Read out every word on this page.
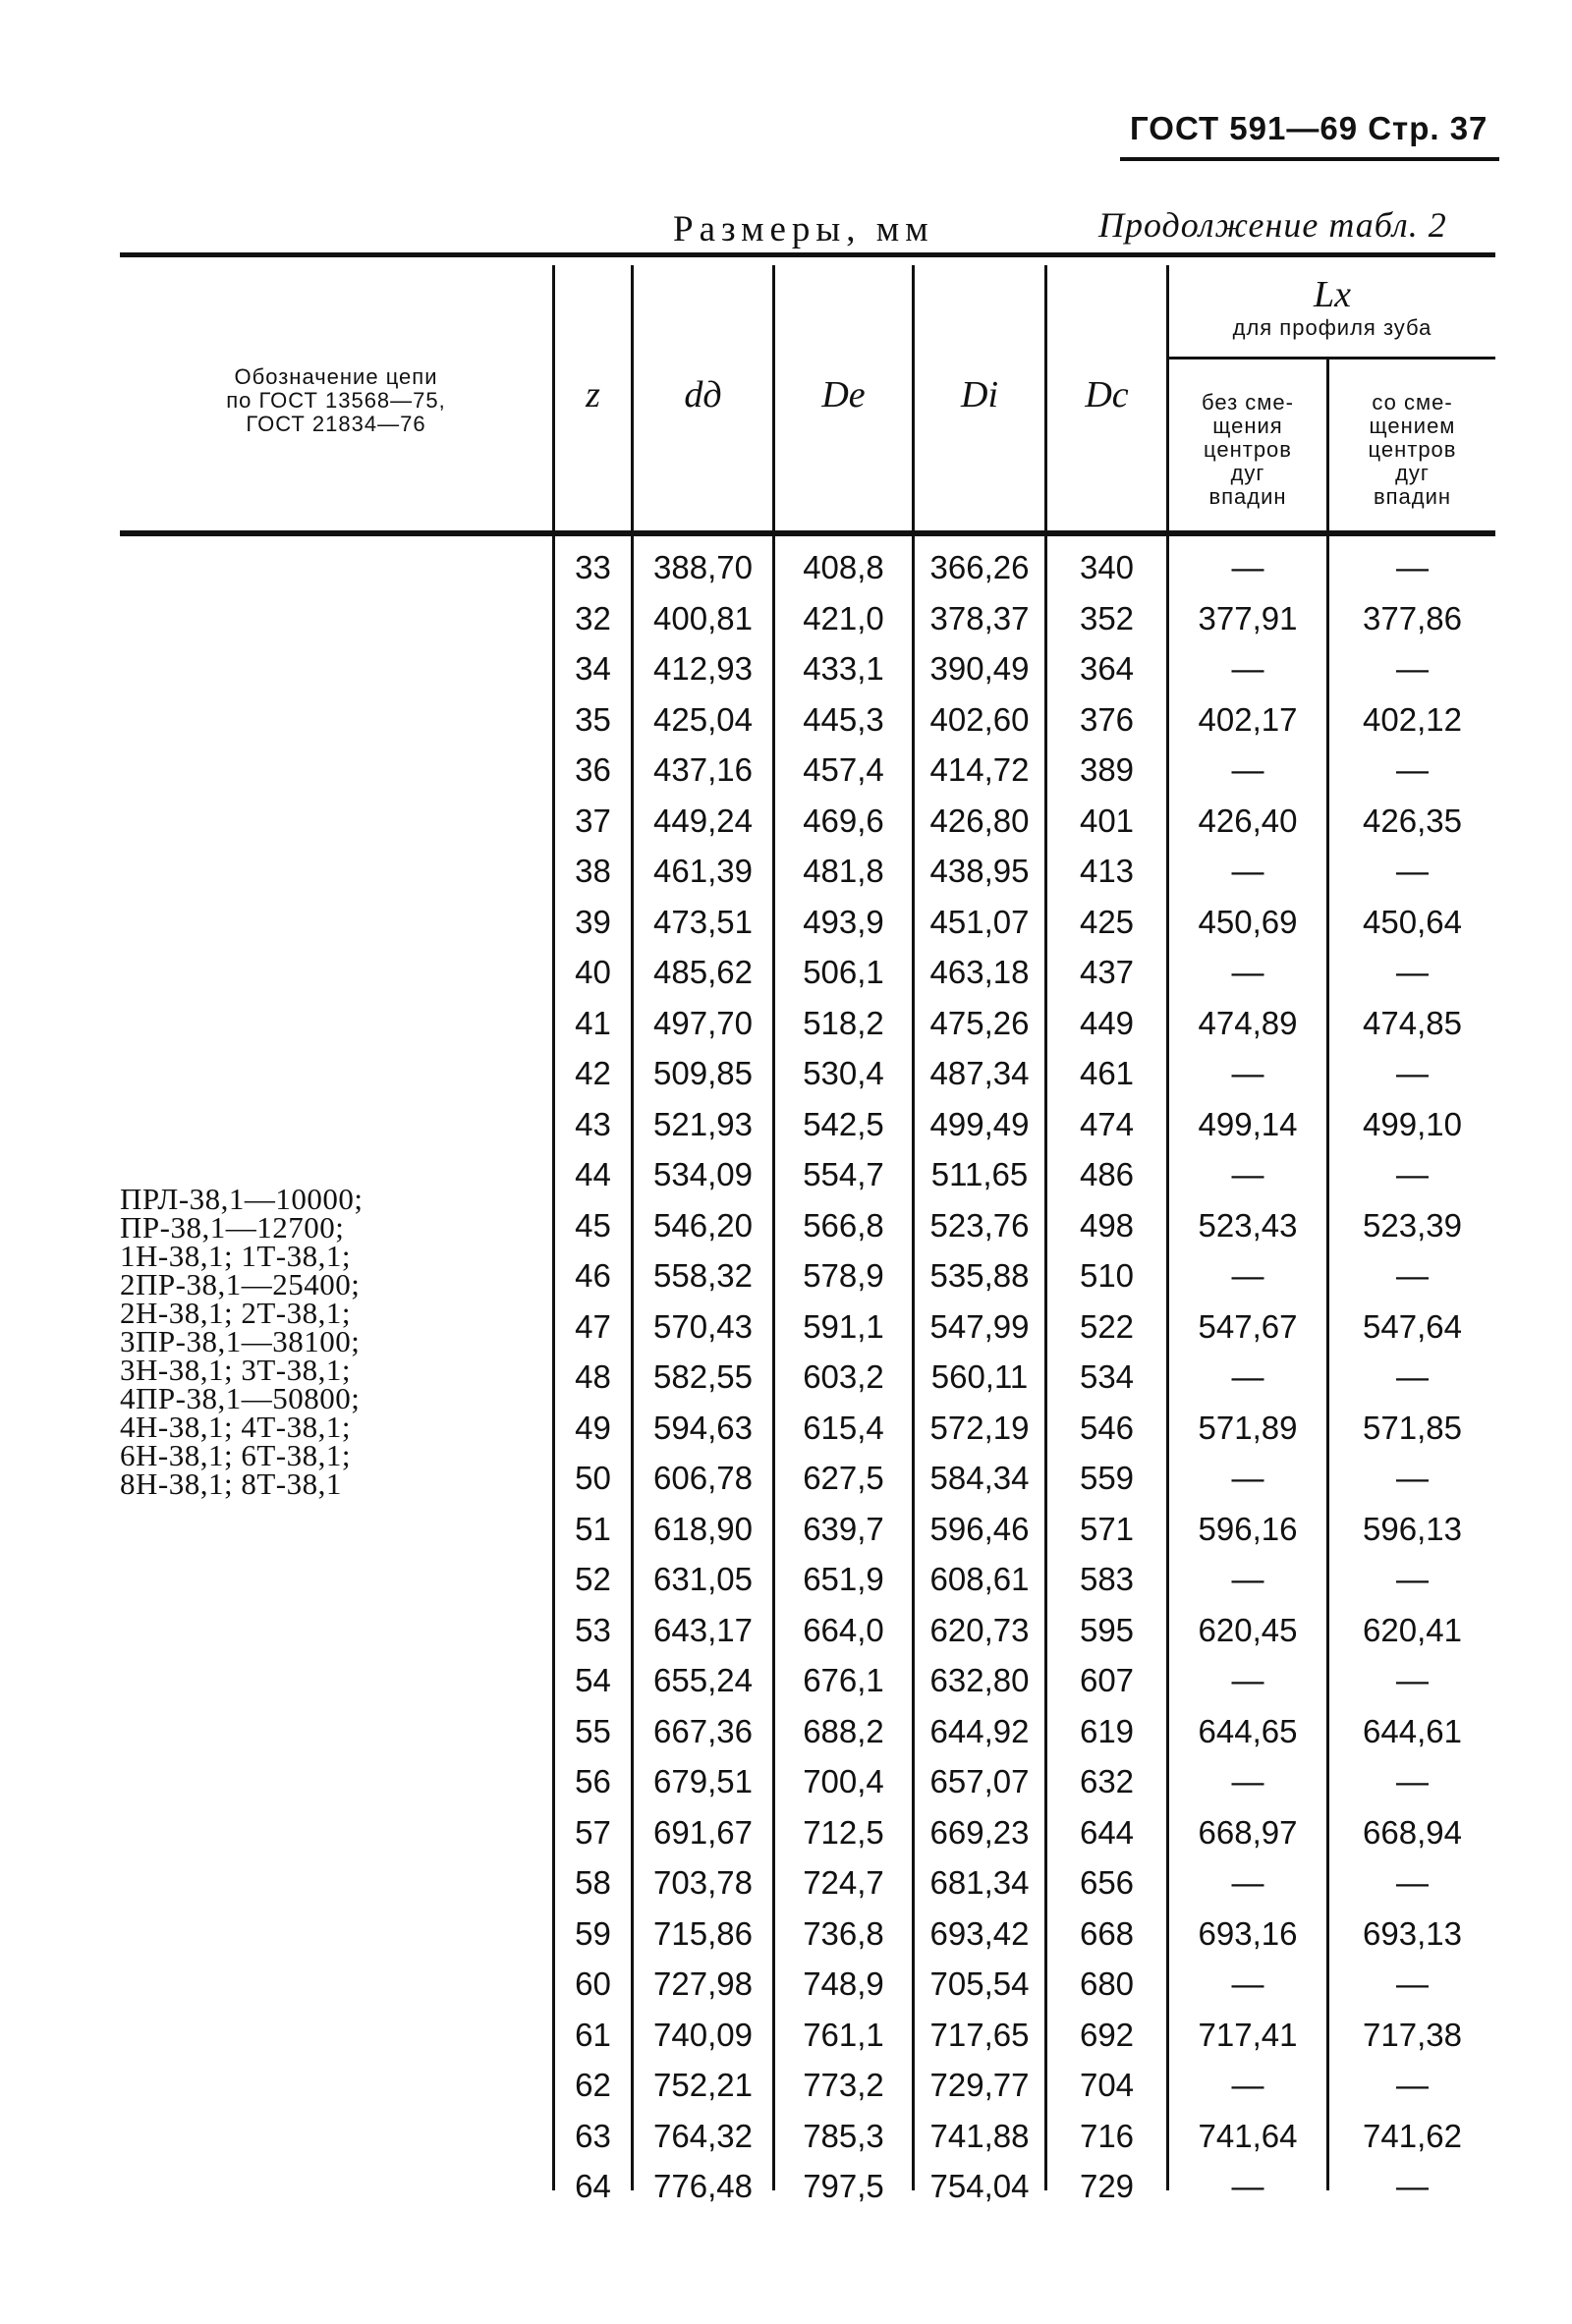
ГОСТ 591—69 Стр. 37
Размеры, мм	Продолжение табл. 2
Обозначение цепи
по ГОСТ 13568—75,
ГОСТ 21834—76
z	dд	De	Di	Dc
Lx
для профиля зуба
без сме-
щения
центров
дуг
впадин
со сме-
щением
центров
дуг
впадин
ПРЛ-38,1—10000;
ПР-38,1—12700;
1Н-38,1; 1Т-38,1;
2ПР-38,1—25400;
2Н-38,1; 2Т-38,1;
3ПР-38,1—38100;
3Н-38,1; 3Т-38,1;
4ПР-38,1—50800;
4Н-38,1; 4Т-38,1;
6Н-38,1; 6Т-38,1;
8Н-38,1; 8Т-38,1
33	388,70	408,8	366,26	340	—	—
32	400,81	421,0	378,37	352	377,91	377,86
34	412,93	433,1	390,49	364	—	—
35	425,04	445,3	402,60	376	402,17	402,12
36	437,16	457,4	414,72	389	—	—
37	449,24	469,6	426,80	401	426,40	426,35
38	461,39	481,8	438,95	413	—	—
39	473,51	493,9	451,07	425	450,69	450,64
40	485,62	506,1	463,18	437	—	—
41	497,70	518,2	475,26	449	474,89	474,85
42	509,85	530,4	487,34	461	—	—
43	521,93	542,5	499,49	474	499,14	499,10
44	534,09	554,7	511,65	486	—	—
45	546,20	566,8	523,76	498	523,43	523,39
46	558,32	578,9	535,88	510	—	—
47	570,43	591,1	547,99	522	547,67	547,64
48	582,55	603,2	560,11	534	—	—
49	594,63	615,4	572,19	546	571,89	571,85
50	606,78	627,5	584,34	559	—	—
51	618,90	639,7	596,46	571	596,16	596,13
52	631,05	651,9	608,61	583	—	—
53	643,17	664,0	620,73	595	620,45	620,41
54	655,24	676,1	632,80	607	—	—
55	667,36	688,2	644,92	619	644,65	644,61
56	679,51	700,4	657,07	632	—	—
57	691,67	712,5	669,23	644	668,97	668,94
58	703,78	724,7	681,34	656	—	—
59	715,86	736,8	693,42	668	693,16	693,13
60	727,98	748,9	705,54	680	—	—
61	740,09	761,1	717,65	692	717,41	717,38
62	752,21	773,2	729,77	704	—	—
63	764,32	785,3	741,88	716	741,64	741,62
64	776,48	797,5	754,04	729	—	—
